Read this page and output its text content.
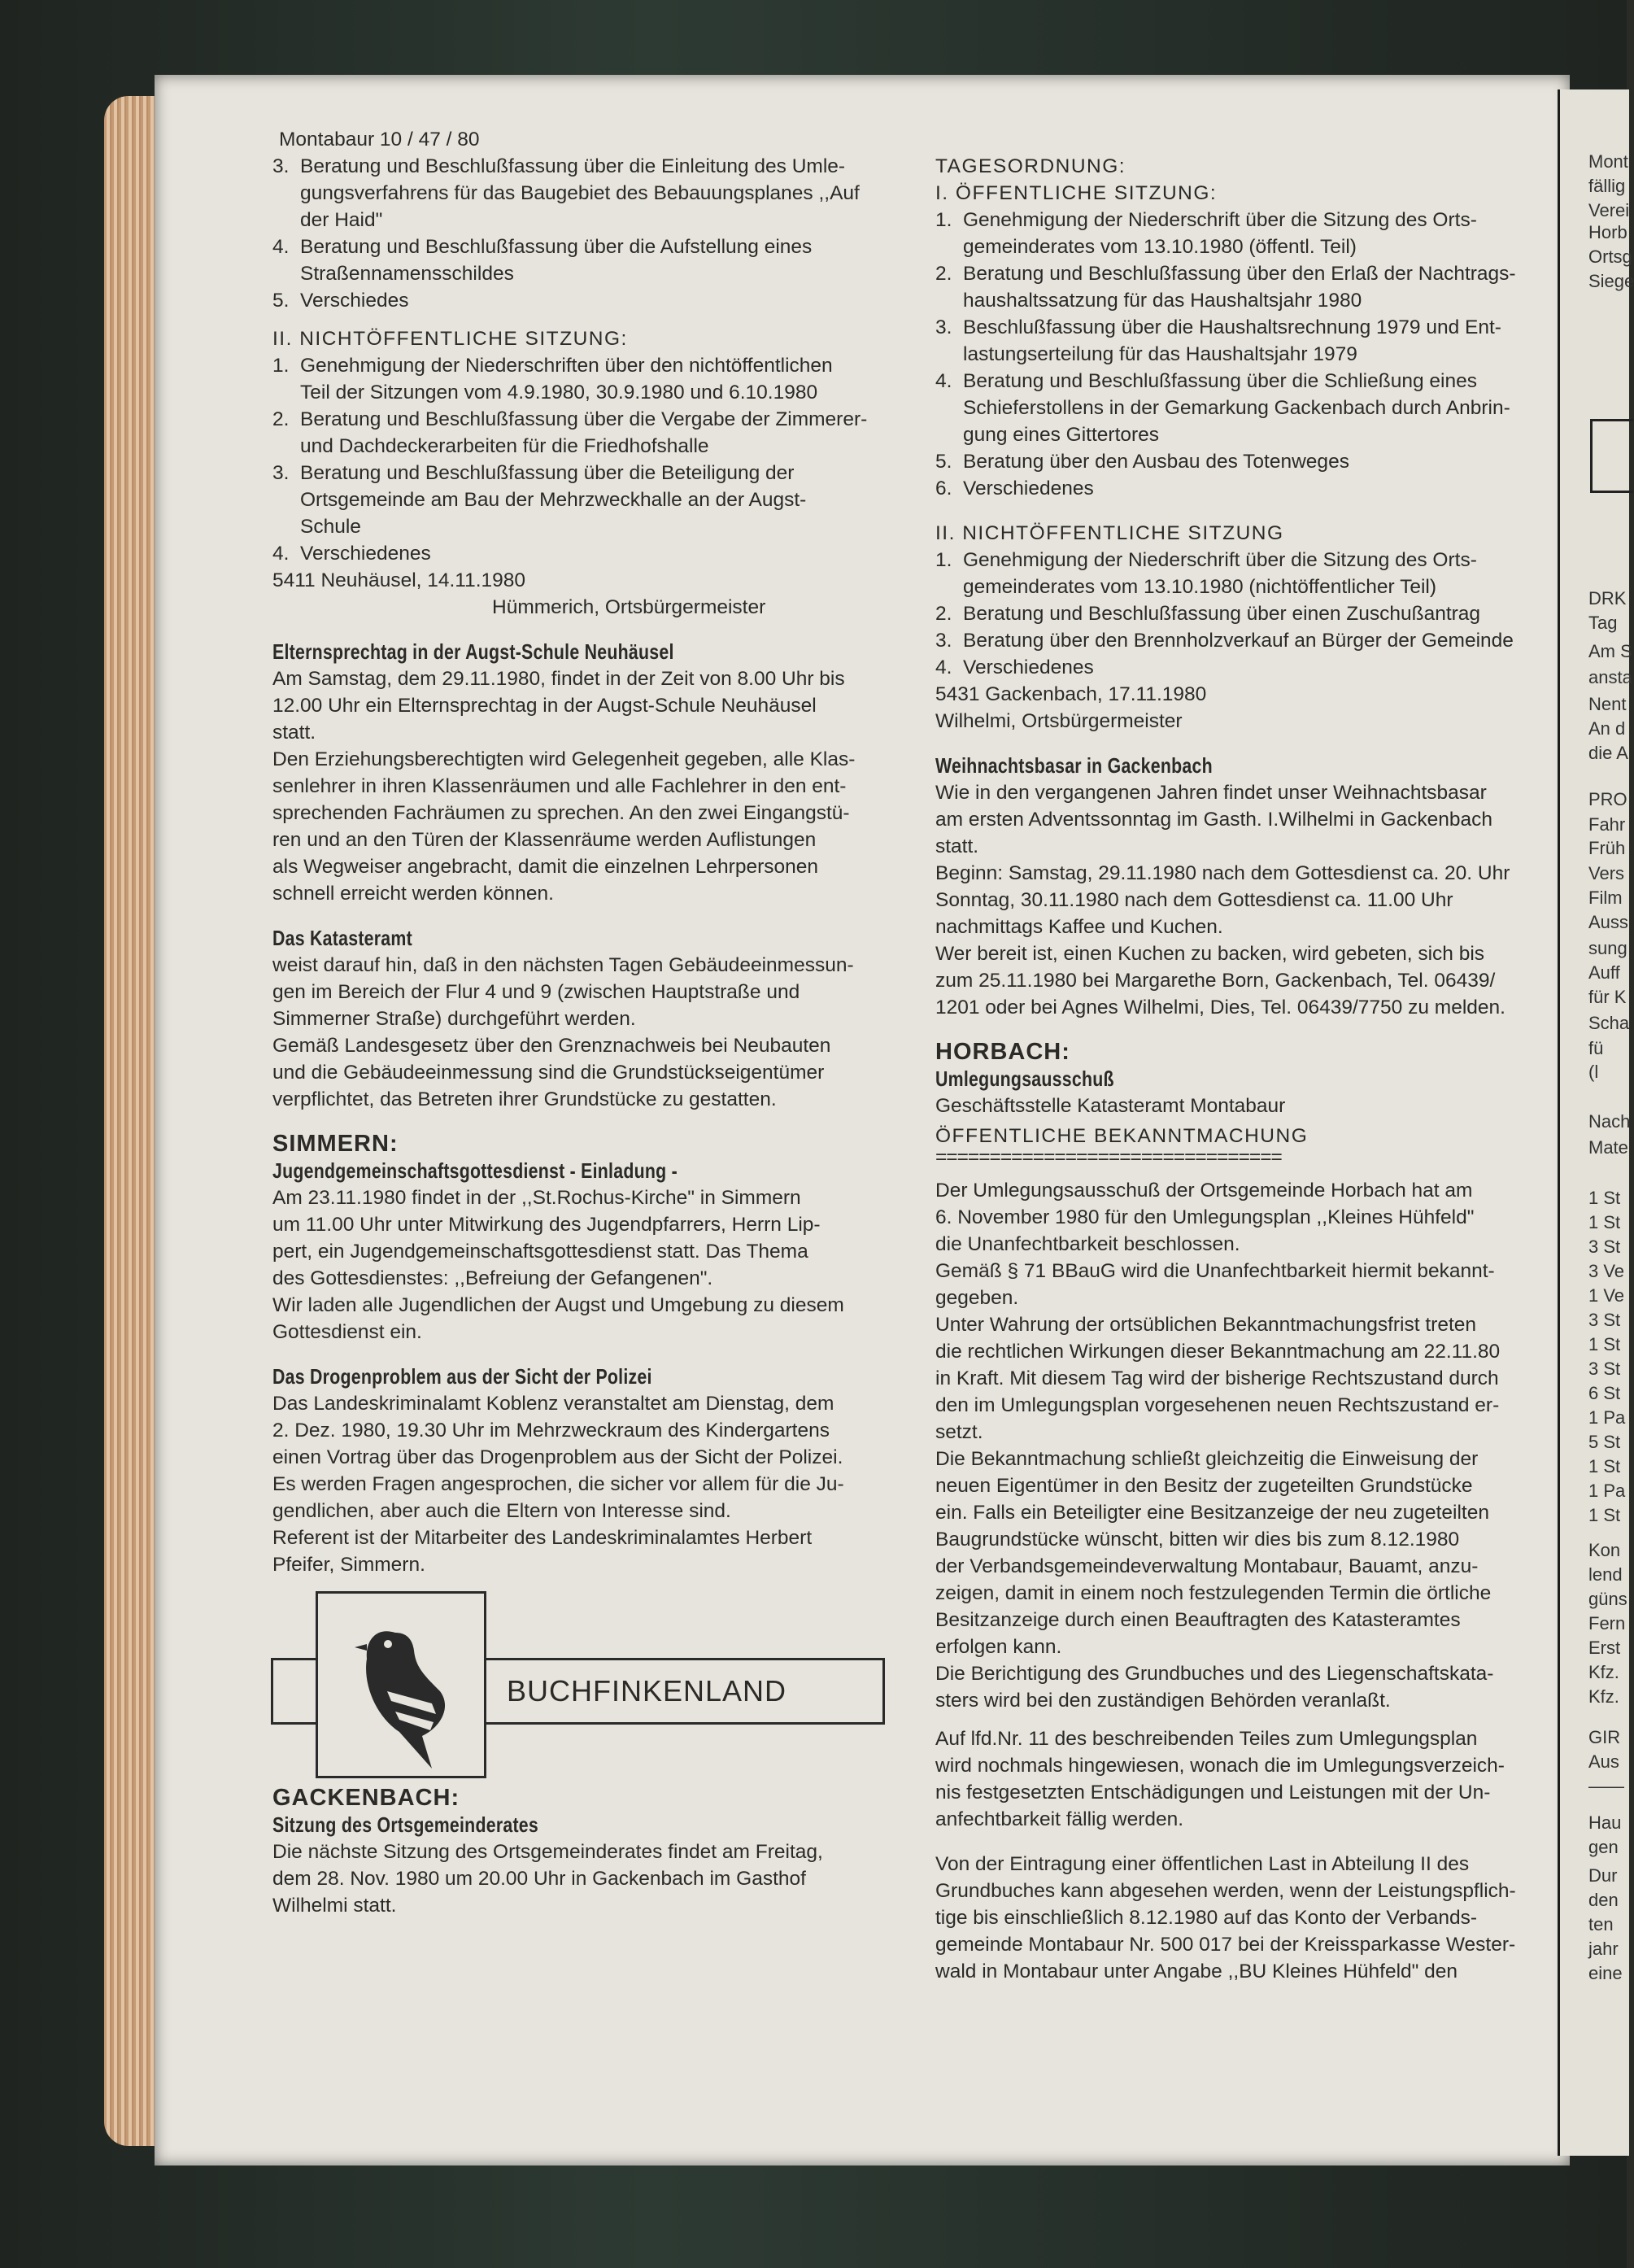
Mont
fällig
Verei
Horb
Ortsg
Siege
DRK
Tag
Am S
ansta
Nent
An d
die A
PRO
Fahr
Früh
Vers
Film
Auss
sung
Auff
für K
Scha
fü
(l
Nach
Mate
1 St
1 St
3 St
3 Ve
1 Ve
3 St
1 St
3 St
6 St
1 Pa
5 St
1 St
1 Pa
1 St
Kon
lend
güns
Fern
Erst
Kfz.
Kfz.
GIR
Aus
——
Hau
gen
Dur
den
ten
jahr
eine
Montabaur 10 / 47 / 80
3. Beratung und Beschlußfassung über die Einleitung des Umle-
gungsverfahrens für das Baugebiet des Bebauungsplanes ,,Auf
der Haid"
4. Beratung und Beschlußfassung über die Aufstellung eines
Straßennamensschildes
5. Verschiedes
II. NICHTÖFFENTLICHE SITZUNG:
1. Genehmigung der Niederschriften über den nichtöffentlichen
Teil der Sitzungen vom 4.9.1980, 30.9.1980 und 6.10.1980
2. Beratung und Beschlußfassung über die Vergabe der Zimmerer-
und Dachdeckerarbeiten für die Friedhofshalle
3. Beratung und Beschlußfassung über die Beteiligung der
Ortsgemeinde am Bau der Mehrzweckhalle an der Augst-
Schule
4. Verschiedenes
5411 Neuhäusel, 14.11.1980
Hümmerich, Ortsbürgermeister
Elternsprechtag in der Augst-Schule Neuhäusel
Am Samstag, dem 29.11.1980, findet in der Zeit von 8.00 Uhr bis
12.00 Uhr ein Elternsprechtag in der Augst-Schule Neuhäusel
statt.
Den Erziehungsberechtigten wird Gelegenheit gegeben, alle Klas-
senlehrer in ihren Klassenräumen und alle Fachlehrer in den ent-
sprechenden Fachräumen zu sprechen. An den zwei Eingangstü-
ren und an den Türen der Klassenräume werden Auflistungen
als Wegweiser angebracht, damit die einzelnen Lehrpersonen
schnell erreicht werden können.
Das Katasteramt
weist darauf hin, daß in den nächsten Tagen Gebäudeeinmessun-
gen im Bereich der Flur 4 und 9 (zwischen Hauptstraße und
Simmerner Straße) durchgeführt werden.
Gemäß Landesgesetz über den Grenznachweis bei Neubauten
und die Gebäudeeinmessung sind die Grundstückseigentümer
verpflichtet, das Betreten ihrer Grundstücke zu gestatten.
SIMMERN:
Jugendgemeinschaftsgottesdienst - Einladung -
Am 23.11.1980 findet in der ,,St.Rochus-Kirche" in Simmern
um 11.00 Uhr unter Mitwirkung des Jugendpfarrers, Herrn Lip-
pert, ein Jugendgemeinschaftsgottesdienst statt. Das Thema
des Gottesdienstes: ,,Befreiung der Gefangenen".
Wir laden alle Jugendlichen der Augst und Umgebung zu diesem
Gottesdienst ein.
Das Drogenproblem aus der Sicht der Polizei
Das Landeskriminalamt Koblenz veranstaltet am Dienstag, dem
2. Dez. 1980, 19.30 Uhr im Mehrzweckraum des Kindergartens
einen Vortrag über das Drogenproblem aus der Sicht der Polizei.
Es werden Fragen angesprochen, die sicher vor allem für die Ju-
gendlichen, aber auch die Eltern von Interesse sind.
Referent ist der Mitarbeiter des Landeskriminalamtes Herbert
Pfeifer, Simmern.
BUCHFINKENLAND
GACKENBACH:
Sitzung des Ortsgemeinderates
Die nächste Sitzung des Ortsgemeinderates findet am Freitag,
dem 28. Nov. 1980 um 20.00 Uhr in Gackenbach im Gasthof
Wilhelmi statt.
TAGESORDNUNG:
I. ÖFFENTLICHE SITZUNG:
1. Genehmigung der Niederschrift über die Sitzung des Orts-
gemeinderates vom 13.10.1980 (öffentl. Teil)
2. Beratung und Beschlußfassung über den Erlaß der Nachtrags-
haushaltssatzung für das Haushaltsjahr 1980
3. Beschlußfassung über die Haushaltsrechnung 1979 und Ent-
lastungserteilung für das Haushaltsjahr 1979
4. Beratung und Beschlußfassung über die Schließung eines
Schieferstollens in der Gemarkung Gackenbach durch Anbrin-
gung eines Gittertores
5. Beratung über den Ausbau des Totenweges
6. Verschiedenes
II. NICHTÖFFENTLICHE SITZUNG
1. Genehmigung der Niederschrift über die Sitzung des Orts-
gemeinderates vom 13.10.1980 (nichtöffentlicher Teil)
2. Beratung und Beschlußfassung über einen Zuschußantrag
3. Beratung über den Brennholzverkauf an Bürger der Gemeinde
4. Verschiedenes
5431 Gackenbach, 17.11.1980
Wilhelmi, Ortsbürgermeister
Weihnachtsbasar in Gackenbach
Wie in den vergangenen Jahren findet unser Weihnachtsbasar
am ersten Adventssonntag im Gasth. I.Wilhelmi in Gackenbach
statt.
Beginn: Samstag, 29.11.1980 nach dem Gottesdienst ca. 20. Uhr
Sonntag, 30.11.1980 nach dem Gottesdienst ca. 11.00 Uhr
nachmittags Kaffee und Kuchen.
Wer bereit ist, einen Kuchen zu backen, wird gebeten, sich bis
zum 25.11.1980 bei Margarethe Born, Gackenbach, Tel. 06439/
1201 oder bei Agnes Wilhelmi, Dies, Tel. 06439/7750 zu melden.
HORBACH:
Umlegungsausschuß
Geschäftsstelle Katasteramt Montabaur
ÖFFENTLICHE BEKANNTMACHUNG
================================
Der Umlegungsausschuß der Ortsgemeinde Horbach hat am
6. November 1980 für den Umlegungsplan ,,Kleines Hühfeld"
die Unanfechtbarkeit beschlossen.
Gemäß § 71 BBauG wird die Unanfechtbarkeit hiermit bekannt-
gegeben.
Unter Wahrung der ortsüblichen Bekanntmachungsfrist treten
die rechtlichen Wirkungen dieser Bekanntmachung am 22.11.80
in Kraft. Mit diesem Tag wird der bisherige Rechtszustand durch
den im Umlegungsplan vorgesehenen neuen Rechtszustand er-
setzt.
Die Bekanntmachung schließt gleichzeitig die Einweisung der
neuen Eigentümer in den Besitz der zugeteilten Grundstücke
ein. Falls ein Beteiligter eine Besitzanzeige der neu zugeteilten
Baugrundstücke wünscht, bitten wir dies bis zum 8.12.1980
der Verbandsgemeindeverwaltung Montabaur, Bauamt, anzu-
zeigen, damit in einem noch festzulegenden Termin die örtliche
Besitzanzeige durch einen Beauftragten des Katasteramtes
erfolgen kann.
Die Berichtigung des Grundbuches und des Liegenschaftskata-
sters wird bei den zuständigen Behörden veranlaßt.
Auf lfd.Nr. 11 des beschreibenden Teiles zum Umlegungsplan
wird nochmals hingewiesen, wonach die im Umlegungsverzeich-
nis festgesetzten Entschädigungen und Leistungen mit der Un-
anfechtbarkeit fällig werden.
Von der Eintragung einer öffentlichen Last in Abteilung II des
Grundbuches kann abgesehen werden, wenn der Leistungspflich-
tige bis einschließlich 8.12.1980 auf das Konto der Verbands-
gemeinde Montabaur Nr. 500 017 bei der Kreissparkasse Wester-
wald in Montabaur unter Angabe ,,BU Kleines Hühfeld" den
